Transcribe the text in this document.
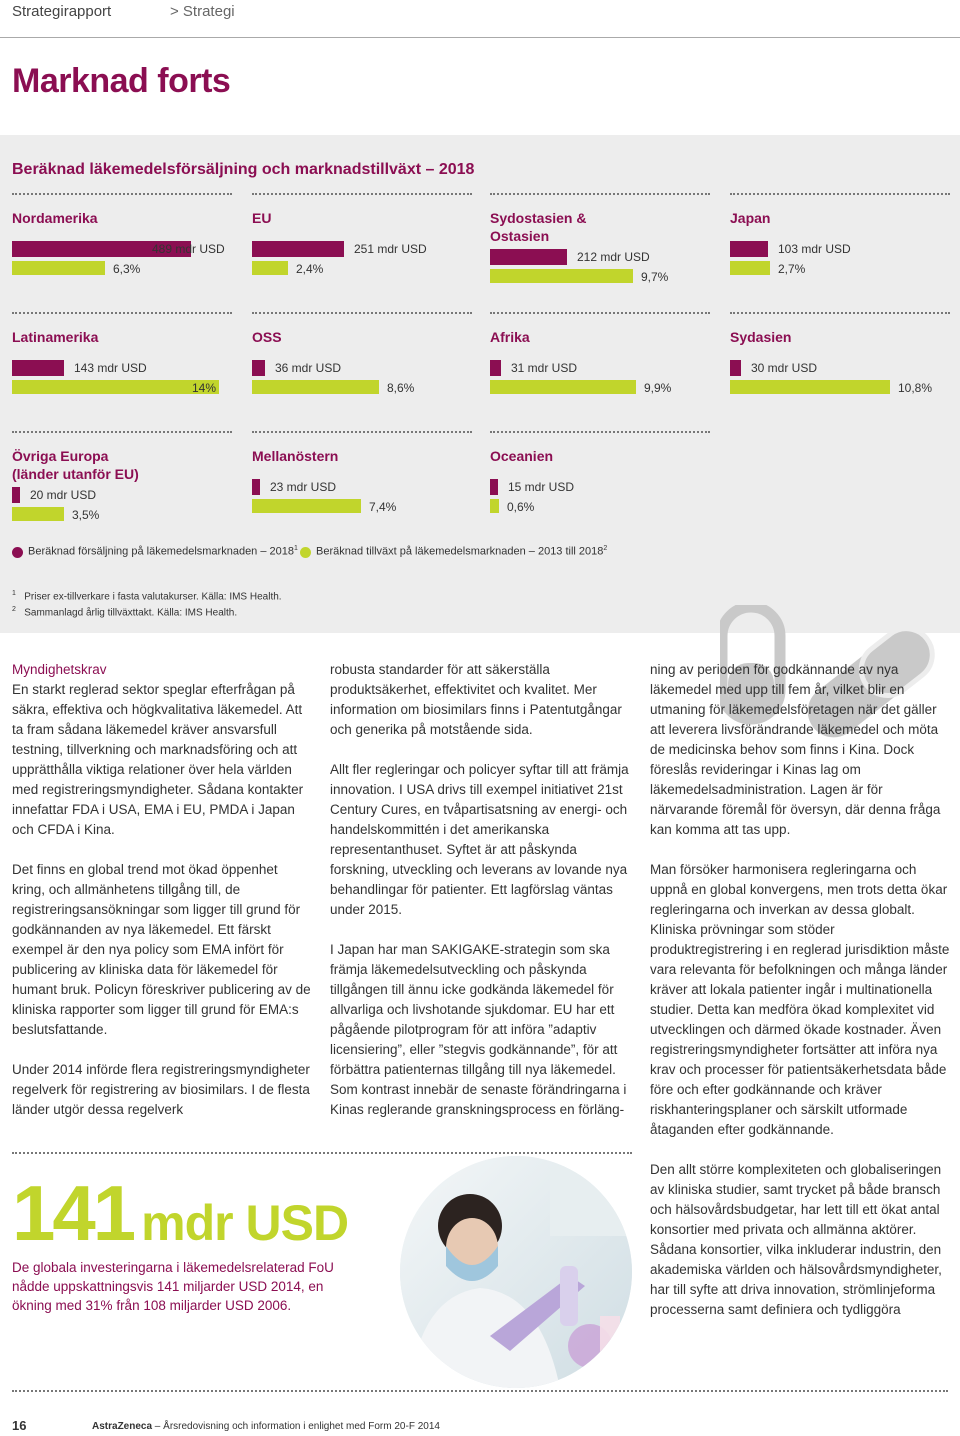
Strategirapport	> Strategi
Marknad forts
Beräknad läkemedelsförsäljning och marknadstillväxt – 2018
Nordamerika
489 mdr USD
6,3%
EU
251 mdr USD
2,4%
Sydostasien &
Ostasien
212 mdr USD
9,7%
Japan
103 mdr USD
2,7%
Latinamerika
143 mdr USD
14%
OSS
36 mdr USD
8,6%
Afrika
31 mdr USD
9,9%
Sydasien
30 mdr USD
10,8%
Övriga Europa
(länder utanför EU)
20 mdr USD
3,5%
Mellanöstern
23 mdr USD
7,4%
Oceanien
15 mdr USD
0,6%
Beräknad försäljning på läkemedelsmarknaden – 2018$^1$ Beräknad tillväxt på läkemedelsmarknaden – 2013 till 2018$^2$
$^1$ Priser ex-tillverkare i fasta valutakurser. Källa: IMS Health.
$^2$ Sammanlagd årlig tillväxttakt. Källa: IMS Health.
Myndighetskrav

En starkt reglerad sektor speglar efterfrågan på säkra, effektiva och högkvalitativa läkemedel. Att ta fram sådana läkemedel kräver ansvarsfull testning, tillverkning och marknadsföring och att upprätthålla viktiga relationer över hela världen med registreringsmyndigheter. Sådana kontakter innefattar FDA i USA, EMA i EU, PMDA i Japan och CFDA i Kina.

Det finns en global trend mot ökad öppenhet kring, och allmänhetens tillgång till, de registreringsansökningar som ligger till grund för godkännanden av nya läkemedel. Ett färskt exempel är den nya policy som EMA infört för publicering av kliniska data för läkemedel för humant bruk. Policyn föreskriver publicering av de kliniska rapporter som ligger till grund för EMA:s beslutsfattande.

Under 2014 införde flera registreringsmyndigheter regelverk för registrering av biosimilars. I de flesta länder utgör dessa regelverk

robusta standarder för att säkerställa produktsäkerhet, effektivitet och kvalitet. Mer information om biosimilars finns i Patentutgångar och generika på motstående sida.

Allt fler regleringar och policyer syftar till att främja innovation. I USA drivs till exempel initiativet 21st Century Cures, en tvåpartisatsning av energi- och handelskommittén i det amerikanska representanthuset. Syftet är att påskynda forskning, utveckling och leverans av lovande nya behandlingar för patienter. Ett lagförslag väntas under 2015.

I Japan har man SAKIGAKE-strategin som ska främja läkemedelsutveckling och påskynda tillgången till ännu icke godkända läkemedel för allvarliga och livshotande sjukdomar. EU har ett pågående pilotprogram för att införa ”adaptiv licensiering”, eller ”stegvis godkännande”, för att förbättra patienternas tillgång till nya läkemedel. Som kontrast innebär de senaste förändringarna i Kinas reglerande granskningsprocess en förläng-

ning av perioden för godkännande av nya läkemedel med upp till fem år, vilket blir en utmaning för läkemedelsföretagen när det gäller att leverera livsförändrande läkemedel och möta de medicinska behov som finns i Kina. Dock föreslås revideringar i Kinas lag om läkemedelsadministration. Lagen är för närvarande föremål för översyn, där denna fråga kan komma att tas upp.

Man försöker harmonisera regleringarna och uppnå en global konvergens, men trots detta ökar regleringarna och inverkan av dessa globalt. Kliniska prövningar som stöder produktregistrering i en reglerad jurisdiktion måste vara relevanta för befolkningen och många länder kräver att lokala patienter ingår i multinationella studier. Detta kan medföra ökad komplexitet vid utvecklingen och därmed ökade kostnader. Även registreringsmyndigheter fortsätter att införa nya krav och processer för patientsäkerhetsdata både före och efter godkännande och kräver riskhanteringsplaner och särskilt utformade åtaganden efter godkännande.

Den allt större komplexiteten och globaliseringen av kliniska studier, samt trycket på både bransch och hälsovårdsbudgetar, har lett till ett ökat antal konsortier med privata och allmänna aktörer. Sådana konsortier, vilka inkluderar industrin, den akademiska världen och hälsovårdsmyndigheter, har till syfte att driva innovation, strömlinjeforma processerna samt definiera och tydliggöra

141 mdr USD
De globala investeringarna i läkemedelsrelaterad FoU nådde uppskattningsvis 141 miljarder USD 2014, en ökning med 31% från 108 miljarder USD 2006.
16	AstraZeneca – Årsredovisning och information i enlighet med Form 20-F 2014
